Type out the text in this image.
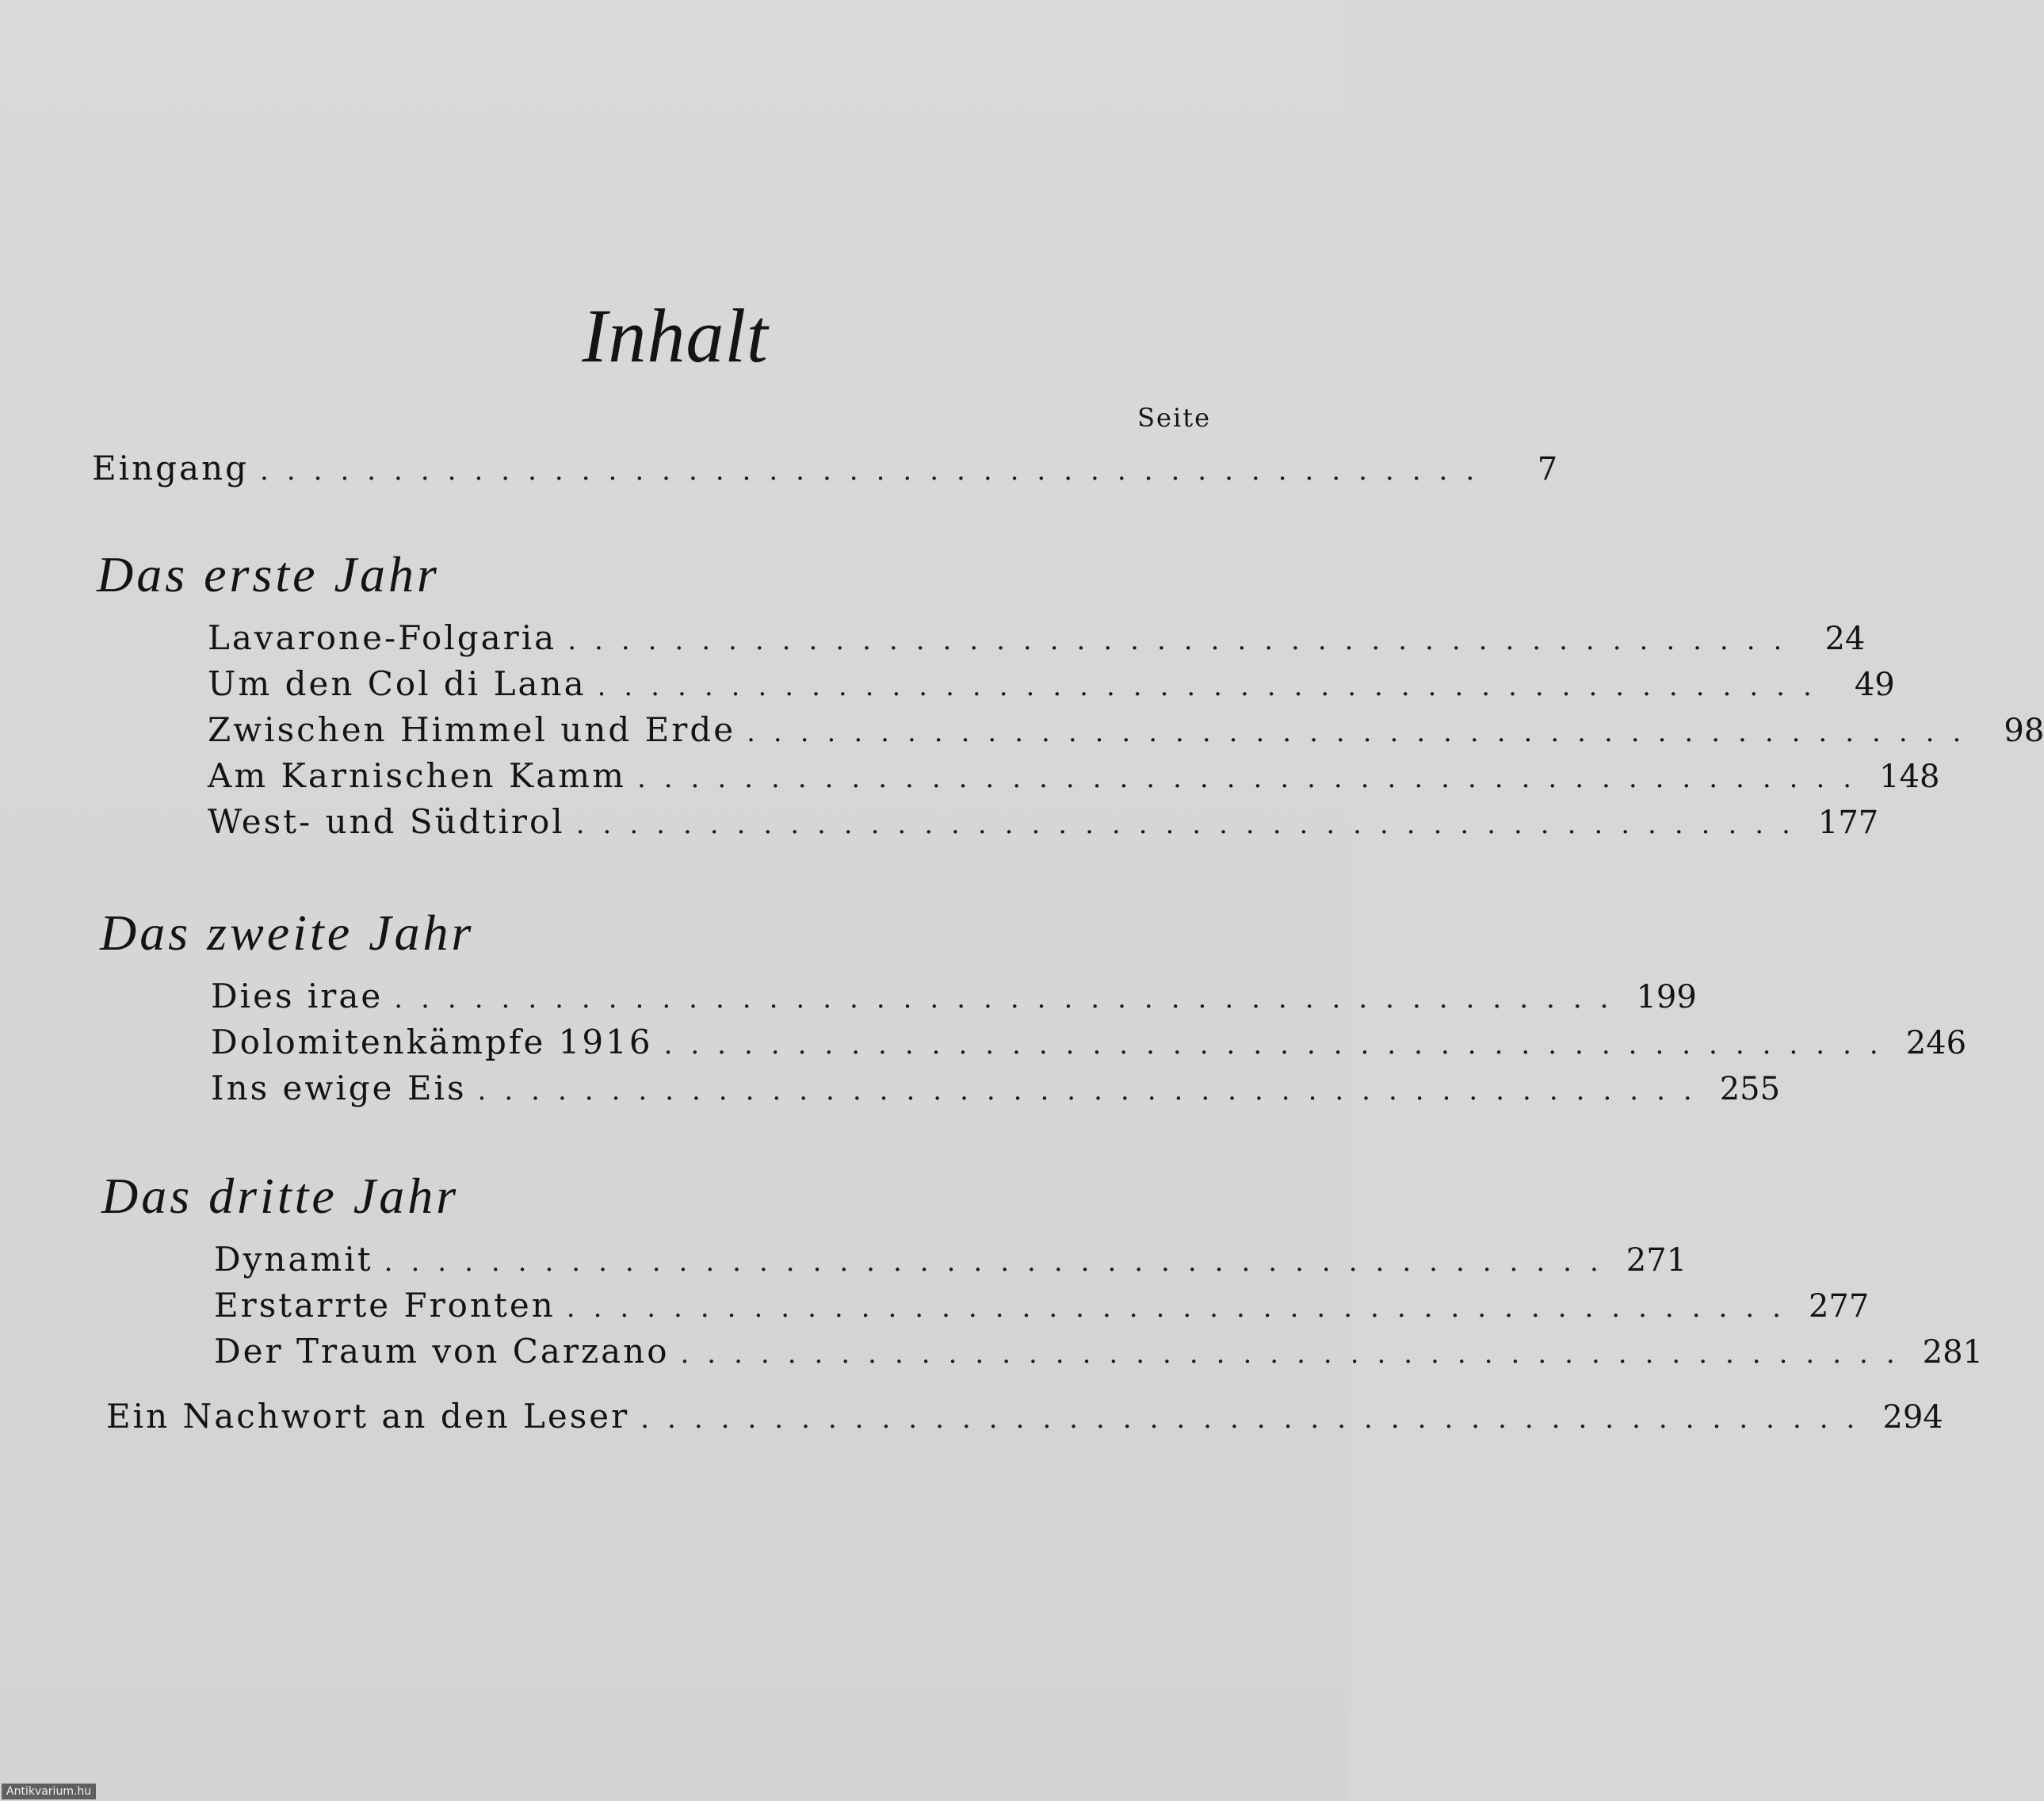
Inhalt
Seite
Eingang ..............................................	7
Das erste Jahr
Lavarone-Folgaria .............................................. 24
Um den Col di Lana .............................................. 49
Zwischen Himmel und Erde .............................................. 98
Am Karnischen Kamm .............................................. 148
West- und Südtirol .............................................. 177
Das zweite Jahr
Dies irae .............................................. 199
Dolomitenkämpfe 1916 .............................................. 246
Ins ewige Eis .............................................. 255
Das dritte Jahr
Dynamit .............................................. 271
Erstarrte Fronten .............................................. 277
Der Traum von Carzano .............................................. 281
Ein Nachwort an den Leser .............................................. 294
Antikvarium.hu
